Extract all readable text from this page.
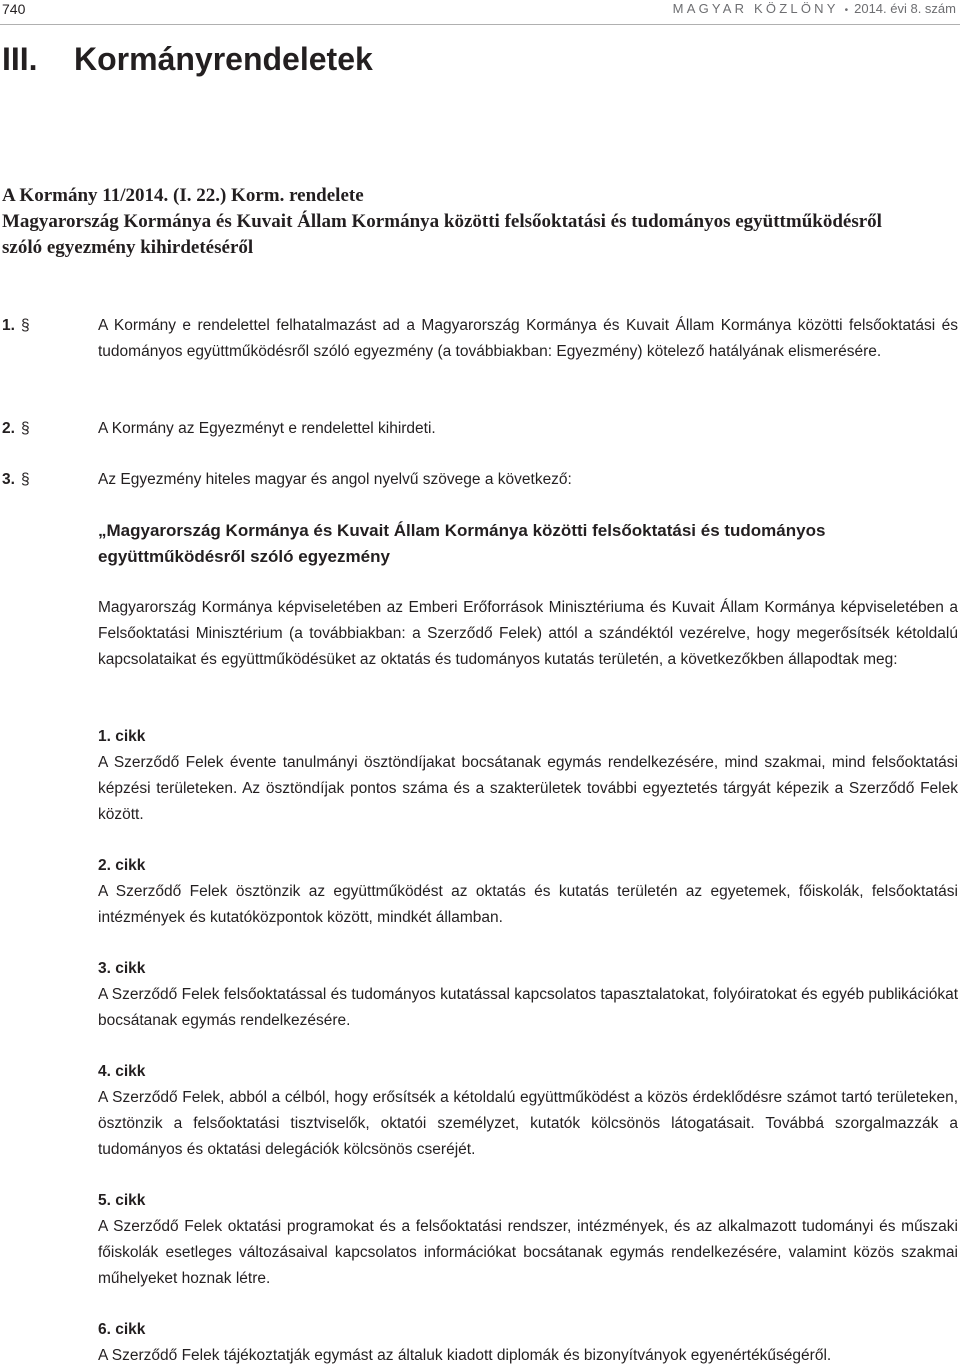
740	MAGYAR KÖZLÖNY • 2014. évi 8. szám
III. Kormányrendeletek
A Kormány 11/2014. (I. 22.) Korm. rendelete
Magyarország Kormánya és Kuvait Állam Kormánya közötti felsőoktatási és tudományos együttműködésről
szóló egyezmény kihirdetéséről
1. §	A Kormány e rendelettel felhatalmazást ad a Magyarország Kormánya és Kuvait Állam Kormánya közötti felsőoktatási és tudományos együttműködésről szóló egyezmény (a továbbiakban: Egyezmény) kötelező hatályának elismerésére.
2. §	A Kormány az Egyezményt e rendelettel kihirdeti.
3. §	Az Egyezmény hiteles magyar és angol nyelvű szövege a következő:
„Magyarország Kormánya és Kuvait Állam Kormánya közötti felsőoktatási és tudományos együttműködésről szóló egyezmény
Magyarország Kormánya képviseletében az Emberi Erőforrások Minisztériuma és Kuvait Állam Kormánya képviseletében a Felsőoktatási Minisztérium (a továbbiakban: a Szerződő Felek) attól a szándéktól vezérelve, hogy megerősítsék kétoldalú kapcsolataikat és együttműködésüket az oktatás és tudományos kutatás területén, a következőkben állapodtak meg:
1. cikk
A Szerződő Felek évente tanulmányi ösztöndíjakat bocsátanak egymás rendelkezésére, mind szakmai, mind felsőoktatási képzési területeken. Az ösztöndíjak pontos száma és a szakterületek további egyeztetés tárgyát képezik a Szerződő Felek között.
2. cikk
A Szerződő Felek ösztönzik az együttműködést az oktatás és kutatás területén az egyetemek, főiskolák, felsőoktatási intézmények és kutatóközpontok között, mindkét államban.
3. cikk
A Szerződő Felek felsőoktatással és tudományos kutatással kapcsolatos tapasztalatokat, folyóiratokat és egyéb publikációkat bocsátanak egymás rendelkezésére.
4. cikk
A Szerződő Felek, abból a célból, hogy erősítsék a kétoldalú együttműködést a közös érdeklődésre számot tartó területeken, ösztönzik a felsőoktatási tisztviselők, oktatói személyzet, kutatók kölcsönös látogatásait. Továbbá szorgalmazzák a tudományos és oktatási delegációk kölcsönös cseréjét.
5. cikk
A Szerződő Felek oktatási programokat és a felsőoktatási rendszer, intézmények, és az alkalmazott tudományi és műszaki főiskolák esetleges változásaival kapcsolatos információkat bocsátanak egymás rendelkezésére, valamint közös szakmai műhelyeket hoznak létre.
6. cikk
A Szerződő Felek tájékoztatják egymást az általuk kiadott diplomák és bizonyítványok egyenértékűségéről.
